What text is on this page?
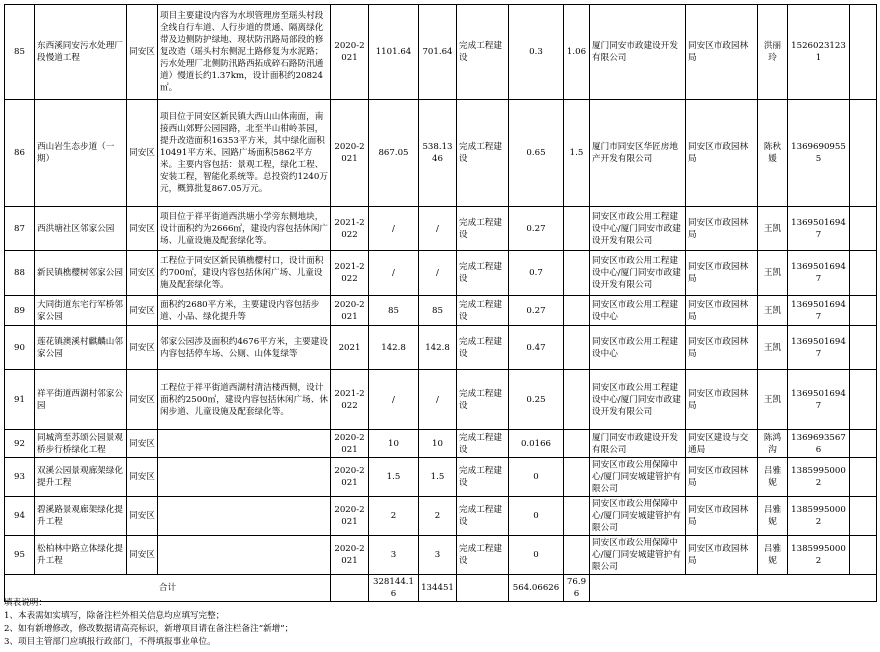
85	东西溪同安污水处理厂段慢道工程	同安区	项目主要建设内容为水坝管理房至瑶头村段全线自行车道、人行步道的贯通、隔离绿化带及边侧防护绿地、现状防汛路局部段的修复改造（瑶头村东侧泥土路修复为水泥路；污水处理厂北侧防汛路西拓成碎石路防汛通道）慢道长约1.37km，设计面积约20824㎡。	2020-2021	1101.64	701.64	完成工程建设	0.3	1.06	厦门同安市政建设开发有限公司	同安区市政园林局	洪丽玲	15260231231	
86	西山岩生态步道（一期）	同安区	项目位于同安区新民镇大西山山体南面，南接西山郊野公园园路，北至半山柑岭茶园，提升改造面积16353平方米，其中绿化面积10491平方米、园路广场面积5862平方米。主要内容包括：景观工程，绿化工程、安装工程，智能化系统等。总投资约1240万元，概算批复867.05万元。	2020-2021	867.05	538.1346	完成工程建设	0.65	1.5	厦门市同安区华匠房地产开发有限公司	同安区市政园林局	陈秋媛	13696909555	
87	西洪塘社区邻家公园	同安区	项目位于祥平街道西洪塘小学旁东侧地块，设计面积约为2666㎡，建设内容包括休闲广场、儿童设施及配套绿化等。	2021-2022	/	/	完成工程建设	0.27		同安区市政公用工程建设中心/厦门同安市政建设开发有限公司	同安区市政园林局	王凯	13695016947	
88	新民镇樵樱树邻家公园	同安区	工程位于同安区新民镇樵樱村口，设计面积约700㎡，建设内容包括休闲广场、儿童设施及配套绿化等。	2021-2022	/	/	完成工程建设	0.7		同安区市政公用工程建设中心/厦门同安市政建设开发有限公司	同安区市政园林局	王凯	13695016947	
89	大同街道东宅行军桥邻家公园	同安区	面积约2680平方米，主要建设内容包括步道、小品、绿化提升等	2020-2021	85	85	完成工程建设	0.27		同安区市政公用工程建设中心	同安区市政园林局	王凯	13695016947	
90	莲花镇澳溪村麒麟山邻家公园	同安区	邻家公园涉及面积约4676平方米，主要建设内容包括停车场、公厕、山体复绿等	2021	142.8	142.8	完成工程建设	0.47		同安区市政公用工程建设中心	同安区市政园林局	王凯	13695016947	
91	祥平街道西湖村邻家公园	同安区	工程位于祥平街道西湖村清洁楼西侧，设计面积约2500㎡，建设内容包括休闲广场、休闲步道、儿童设施及配套绿化等。	2021-2022	/	/	完成工程建设	0.25		同安区市政公用工程建设中心/厦门同安市政建设开发有限公司	同安区市政园林局	王凯	13695016947	
92	同城湾至苏颂公园景观桥步行桥绿化工程	同安区		2020-2021	10	10	完成工程建设	0.0166		厦门同安市政建设开发有限公司	同安区建设与交通局	陈鸿沟	13696935676	
93	双溪公园景观廊架绿化提升工程	同安区		2020-2021	1.5	1.5	完成工程建设	0		同安区市政公用保障中心/厦门同安城建管护有限公司	同安区市政园林局	吕雅妮	13859950002	
94	碧溪路景观廊架绿化提升工程	同安区		2020-2021	2	2	完成工程建设	0		同安区市政公用保障中心/厦门同安城建管护有限公司	同安区市政园林局	吕雅妮	13859950002	
95	松柏林中路立体绿化提升工程	同安区		2020-2021	3	3	完成工程建设	0		同安区市政公用保障中心/厦门同安城建管护有限公司	同安区市政园林局	吕雅妮	13859950002	
合计					328144.16	134451		564.06626	76.96					
填表说明：
1、本表需如实填写，除备注栏外相关信息均应填写完整；
2、如有新增修改，修改数据请高亮标识，新增项目请在备注栏备注“新增”；
3、项目主管部门应填报行政部门，不得填报事业单位。
